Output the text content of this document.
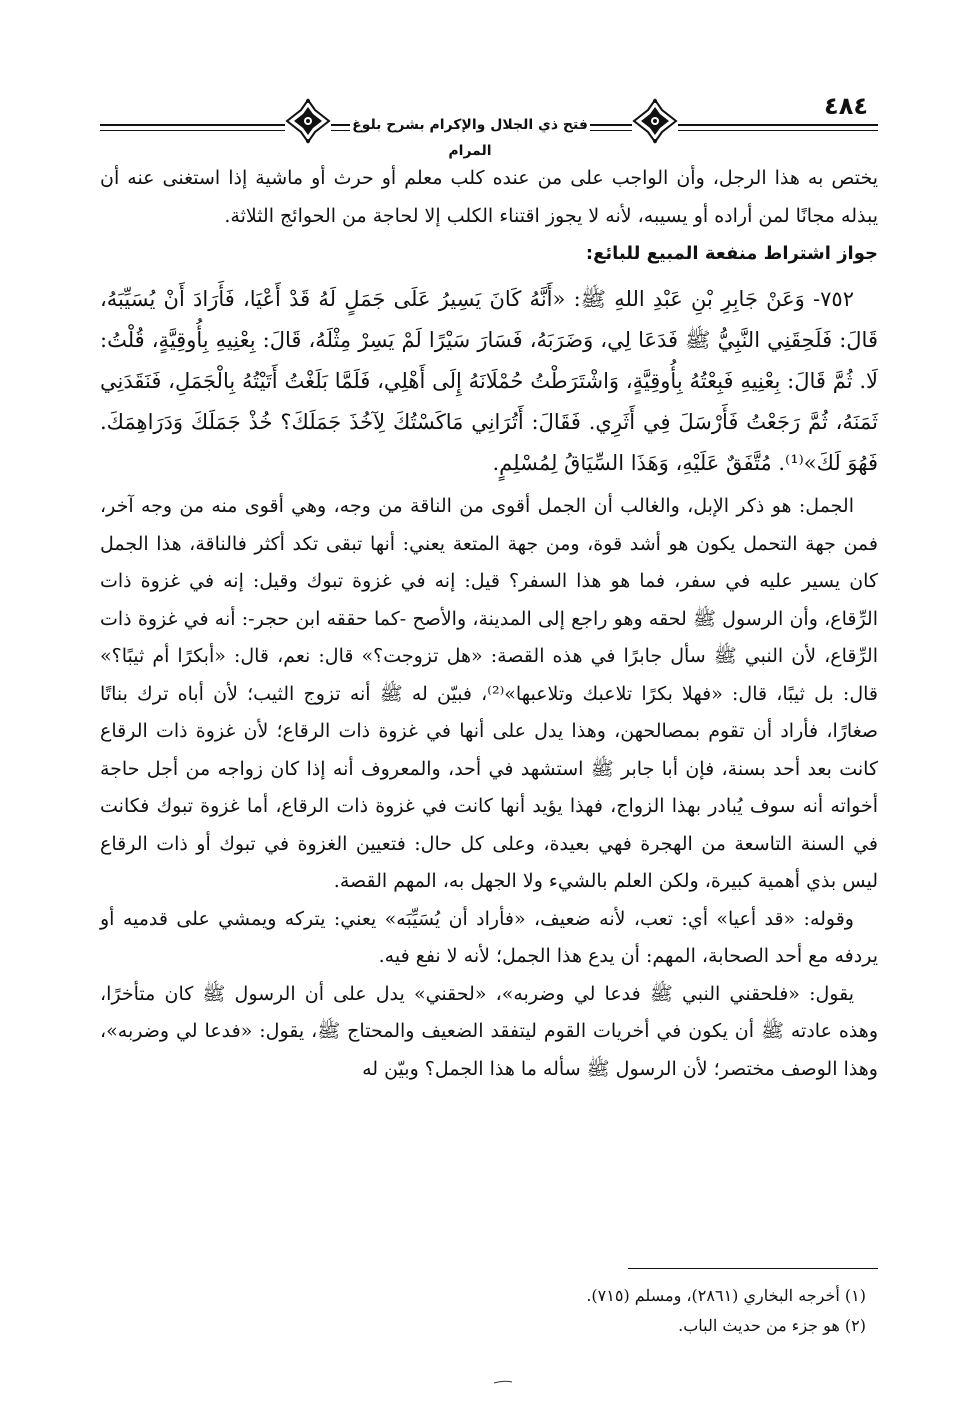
فتح ذي الجلال والإكرام بشرح بلوغ المرام
٤٨٤

يختص به هذا الرجل، وأن الواجب على من عنده كلب معلم أو حرث أو ماشية إذا استغنى عنه أن يبذله مجانًا لمن أراده أو يسيبه، لأنه لا يجوز اقتناء الكلب إلا لحاجة من الحوائج الثلاثة.

جواز اشتراط منفعة المبيع للبائع:

٧٥٢- وَعَنْ جَابِرِ بْنِ عَبْدِ اللهِ ﷺ: «أَنَّهُ كَانَ يَسِيرُ عَلَى جَمَلٍ لَهُ قَدْ أَعْيَا، فَأَرَادَ أَنْ يُسَيِّبَهُ، قَالَ: فَلَحِقَنِي النَّبِيُّ ﷺ فَدَعَا لِي، وَضَرَبَهُ، فَسَارَ سَيْرًا لَمْ يَسِرْ مِثْلَهُ، قَالَ: بِعْنِيهِ بِأُوقِيَّةٍ، قُلْتُ: لَا. ثُمَّ قَالَ: بِعْنِيهِ فَبِعْتُهُ بِأُوقِيَّةٍ، وَاشْتَرَطْتُ حُمْلَانَهُ إِلَى أَهْلِي، فَلَمَّا بَلَغْتُ أَتَيْتُهُ بِالْجَمَلِ، فَنَقَدَنِي ثَمَنَهُ، ثُمَّ رَجَعْتُ فَأَرْسَلَ فِي أَثَرِي. فَقَالَ: أَتُرَانِي مَاكَسْتُكَ لِآخُذَ جَمَلَكَ؟ خُذْ جَمَلَكَ وَدَرَاهِمَكَ. فَهُوَ لَكَ»⁽¹⁾. مُتَّفَقٌ عَلَيْهِ، وَهَذَا السِّيَاقُ لِمُسْلِمٍ.

الجمل: هو ذكر الإبل، والغالب أن الجمل أقوى من الناقة من وجه، وهي أقوى منه من وجه آخر، فمن جهة التحمل يكون هو أشد قوة، ومن جهة المتعة يعني: أنها تبقى تكد أكثر فالناقة، هذا الجمل كان يسير عليه في سفر، فما هو هذا السفر؟ قيل: إنه في غزوة تبوك وقيل: إنه في غزوة ذات الرِّقاع، وأن الرسول ﷺ لحقه وهو راجع إلى المدينة، والأصح -كما حققه ابن حجر-: أنه في غزوة ذات الرِّقاع، لأن النبي ﷺ سأل جابرًا في هذه القصة: «هل تزوجت؟» قال: نعم، قال: «أبكرًا أم ثيبًا؟» قال: بل ثيبًا، قال: «فهلا بكرًا تلاعبك وتلاعبها»⁽²⁾، فبيّن له ﷺ أنه تزوج الثيب؛ لأن أباه ترك بناتًا صغارًا، فأراد أن تقوم بمصالحهن، وهذا يدل على أنها في غزوة ذات الرقاع؛ لأن غزوة ذات الرقاع كانت بعد أحد بسنة، فإن أبا جابر ﷺ استشهد في أحد، والمعروف أنه إذا كان زواجه من أجل حاجة أخواته أنه سوف يُبادر بهذا الزواج، فهذا يؤيد أنها كانت في غزوة ذات الرقاع، أما غزوة تبوك فكانت في السنة التاسعة من الهجرة فهي بعيدة، وعلى كل حال: فتعيين الغزوة في تبوك أو ذات الرقاع ليس بذي أهمية كبيرة، ولكن العلم بالشيء ولا الجهل به، المهم القصة.

وقوله: «قد أعيا» أي: تعب، لأنه ضعيف، «فأراد أن يُسَيِّبَه» يعني: يتركه ويمشي على قدميه أو يردفه مع أحد الصحابة، المهم: أن يدع هذا الجمل؛ لأنه لا نفع فيه.

يقول: «فلحقني النبي ﷺ فدعا لي وضربه»، «لحقني» يدل على أن الرسول ﷺ كان متأخرًا، وهذه عادته ﷺ أن يكون في أخريات القوم ليتفقد الضعيف والمحتاج ﷺ، يقول: «فدعا لي وضربه»، وهذا الوصف مختصر؛ لأن الرسول ﷺ سأله ما هذا الجمل؟ وبيّن له

(١) أخرجه البخاري (٢٨٦١)، ومسلم (٧١٥).

(٢) هو جزء من حديث الباب.
